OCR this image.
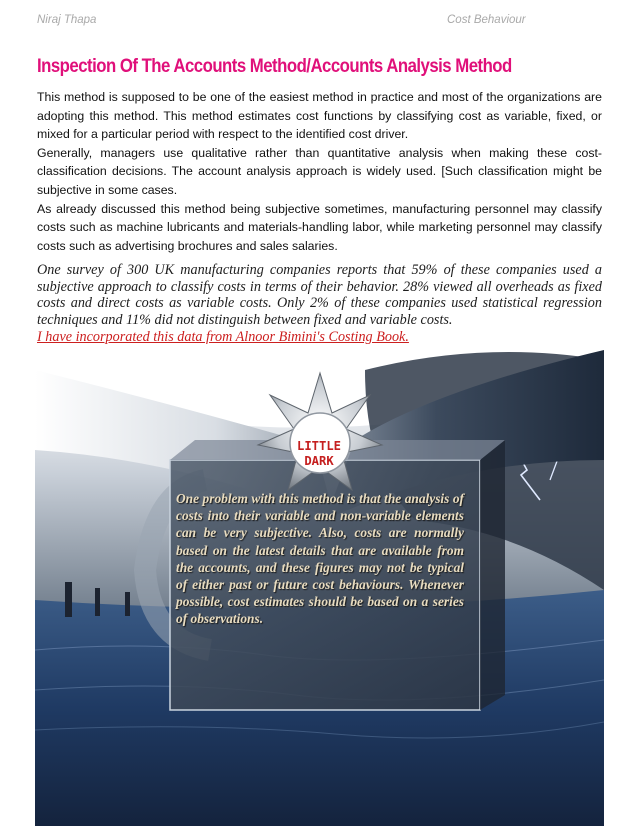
Niraj Thapa	Cost Behaviour
Inspection Of The Accounts Method/Accounts Analysis Method

This method is supposed to be one of the easiest method in practice and most of the organizations are adopting this method. This method estimates cost functions by classifying cost as variable, fixed, or mixed for a particular period with respect to the identified cost driver.

Generally, managers use qualitative rather than quantitative analysis when making these cost-classification decisions. The account analysis approach is widely used. [Such classification might be subjective in some cases.

As already discussed this method being subjective sometimes, manufacturing personnel may classify costs such as machine lubricants and materials-handling labor, while marketing personnel may classify costs such as advertising brochures and sales salaries.

One survey of 300 UK manufacturing companies reports that 59% of these companies used a subjective approach to classify costs in terms of their behavior. 28% viewed all overheads as fixed costs and direct costs as variable costs. Only 2% of these companies used statistical regression techniques and 11% did not distinguish between fixed and variable costs.

I have incorporated this data from Alnoor Bimini's Costing Book.
LITTLE
DARK
One problem with this method is that the analysis of costs into their variable and non-variable elements can be very subjective. Also, costs are normally based on the latest details that are available from the accounts, and these figures may not be typical of either past or future cost behaviours. Whenever possible, cost estimates should be based on a series of observations.
